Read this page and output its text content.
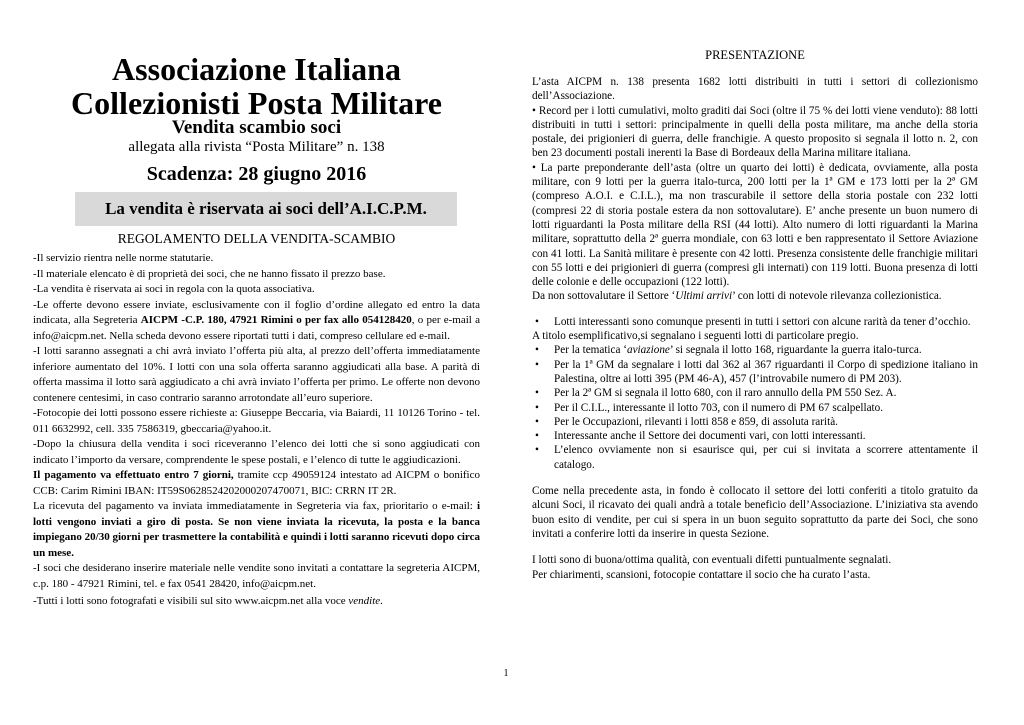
Associazione Italiana
Collezionisti Posta Militare
Vendita scambio soci
allegata alla rivista “Posta Militare” n. 138
Scadenza: 28 giugno 2016
La vendita è riservata ai soci dell’A.I.C.P.M.
REGOLAMENTO DELLA VENDITA-SCAMBIO

-Il servizio rientra nelle norme statutarie.

-Il materiale elencato è di proprietà dei soci, che ne hanno fissato il prezzo base.

-La vendita è riservata ai soci in regola con la quota associativa.

-Le offerte devono essere inviate, esclusivamente con il foglio d’ordine allegato ed entro la data indicata, alla Segreteria AICPM -C.P. 180, 47921 Rimini o per fax allo 054128420, o per e-mail a info@aicpm.net. Nella scheda devono essere riportati tutti i dati, compreso cellulare ed e-mail.

-I lotti saranno assegnati a chi avrà inviato l’offerta più alta, al prezzo dell’offerta immediatamente inferiore aumentato del 10%. I lotti con una sola offerta saranno aggiudicati alla base. A parità di offerta massima il lotto sarà aggiudicato a chi avrà inviato l’offerta per primo. Le offerte non devono contenere centesimi, in caso contrario saranno arrotondate all’euro superiore.

-Fotocopie dei lotti possono essere richieste a: Giuseppe Beccaria, via Baiardi, 11 10126 Torino - tel. 011 6632992, cell. 335 7586319, gbeccaria@yahoo.it.

-Dopo la chiusura della vendita i soci riceveranno l’elenco dei lotti che si sono aggiudicati con indicato l’importo da versare, comprendente le spese postali, e l’elenco di tutte le aggiudicazioni.

Il pagamento va effettuato entro 7 giorni, tramite ccp 49059124 intestato ad AICPM o bonifico CCB: Carim Rimini IBAN: IT59S0628524202000207470071, BIC: CRRN IT 2R.

La ricevuta del pagamento va inviata immediatamente in Segreteria via fax, prioritario o e-mail: i lotti vengono inviati a giro di posta. Se non viene inviata la ricevuta, la posta e la banca impiegano 20/30 giorni per trasmettere la contabilità e quindi i lotti saranno ricevuti dopo circa un mese.

-I soci che desiderano inserire materiale nelle vendite sono invitati a contattare la segreteria AICPM, c.p. 180 - 47921 Rimini, tel. e fax 0541 28420, info@aicpm.net.

-Tutti i lotti sono fotografati e visibili sul sito www.aicpm.net alla voce vendite.

PRESENTAZIONE

L’asta AICPM n. 138 presenta 1682 lotti distribuiti in tutti i settori di collezionismo dell’Associazione.

• Record per i lotti cumulativi, molto graditi dai Soci (oltre il 75 % dei lotti viene venduto): 88 lotti distribuiti in tutti i settori: principalmente in quelli della posta militare, ma anche della storia postale, dei prigionieri di guerra, delle franchigie. A questo proposito si segnala il lotto n. 2, con ben 23 documenti postali inerenti la Base di Bordeaux della Marina militare italiana.

• La parte preponderante dell’asta (oltre un quarto dei lotti) è dedicata, ovviamente, alla posta militare, con 9 lotti per la guerra italo-turca, 200 lotti per la 1ª GM e 173 lotti per la 2ª GM (compreso A.O.I. e C.I.L.), ma non trascurabile il settore della storia postale con 232 lotti (compresi 22 di storia postale estera da non sottovalutare). E’ anche presente un buon numero di lotti riguardanti la Posta militare della RSI (44 lotti). Alto numero di lotti riguardanti la Marina militare, soprattutto della 2ª guerra mondiale, con 63 lotti e ben rappresentato il Settore Aviazione con 41 lotti. La Sanità militare è presente con 42 lotti. Presenza consistente delle franchigie militari con 55 lotti e dei prigionieri di guerra (compresi gli internati) con 119 lotti. Buona presenza di lotti delle colonie e delle occupazioni (122 lotti).

Da non sottovalutare il Settore ‘Ultimi arrivi’ con lotti di notevole rilevanza collezionistica.

• Lotti interessanti sono comunque presenti in tutti i settori con alcune rarità da tener d’occhio.

A titolo esemplificativo,si segnalano i seguenti lotti di particolare pregio.

• Per la tematica ‘aviazione’ si segnala il lotto 168, riguardante la guerra italo-turca.

• Per la 1ª GM da segnalare i lotti dal 362 al 367 riguardanti il Corpo di spedizione italiano in Palestina, oltre ai lotti 395 (PM 46-A), 457 (l’introvabile numero di PM 203).

• Per la 2ª GM si segnala il lotto 680, con il raro annullo della PM 550 Sez. A.

• Per il C.I.L., interessante il lotto 703, con il numero di PM 67 scalpellato.

• Per le Occupazioni, rilevanti i lotti 858 e 859, di assoluta rarità.

• Interessante anche il Settore dei documenti vari, con lotti interessanti.

• L’elenco ovviamente non si esaurisce qui, per cui si invitata a scorrere attentamente il catalogo.

Come nella precedente asta, in fondo è collocato il settore dei lotti conferiti a titolo gratuito da alcuni Soci, il ricavato dei quali andrà a totale beneficio dell’Associazione. L’iniziativa sta avendo buon esito di vendite, per cui si spera in un buon seguito soprattutto da parte dei Soci, che sono invitati a conferire lotti da inserire in questa Sezione.

I lotti sono di buona/ottima qualità, con eventuali difetti puntualmente segnalati.

Per chiarimenti, scansioni, fotocopie contattare il socio che ha curato l’asta.

1
